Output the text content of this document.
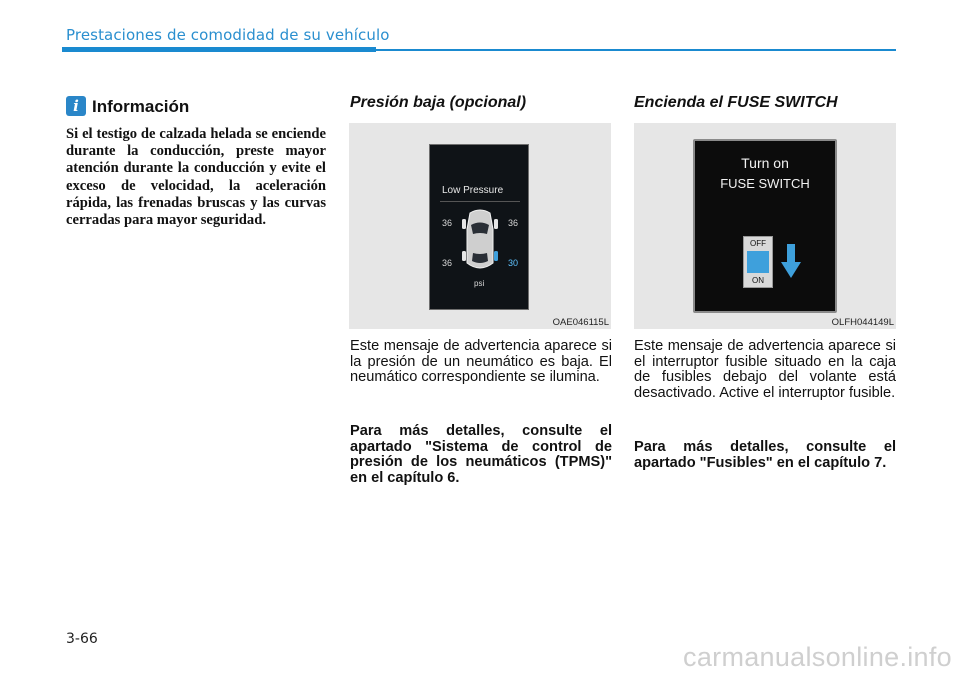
Prestaciones de comodidad de su vehículo
i Información
Si el testigo de calzada helada se enciende durante la conducción, preste mayor atención durante la conducción y evite el exceso de velocidad, la aceleración rápida, las frenadas bruscas y las curvas cerradas para mayor seguridad.
Presión baja (opcional)
Low Pressure
36	36
36	30
psi
OAE046115L
Este mensaje de advertencia aparece si la presión de un neumático es baja. El neumático correspondiente se ilumina.
Para más detalles, consulte el apartado "Sistema de control de presión de los neumáticos (TPMS)" en el capítulo 6.
Encienda el FUSE SWITCH
Turn on
FUSE SWITCH
OFF
ON
OLFH044149L
Este mensaje de advertencia aparece si el interruptor fusible situado en la caja de fusibles debajo del volante está desactivado. Active el interruptor fusible.
Para más detalles, consulte el apartado "Fusibles" en el capítulo 7.
3-66
carmanualsonline.info
